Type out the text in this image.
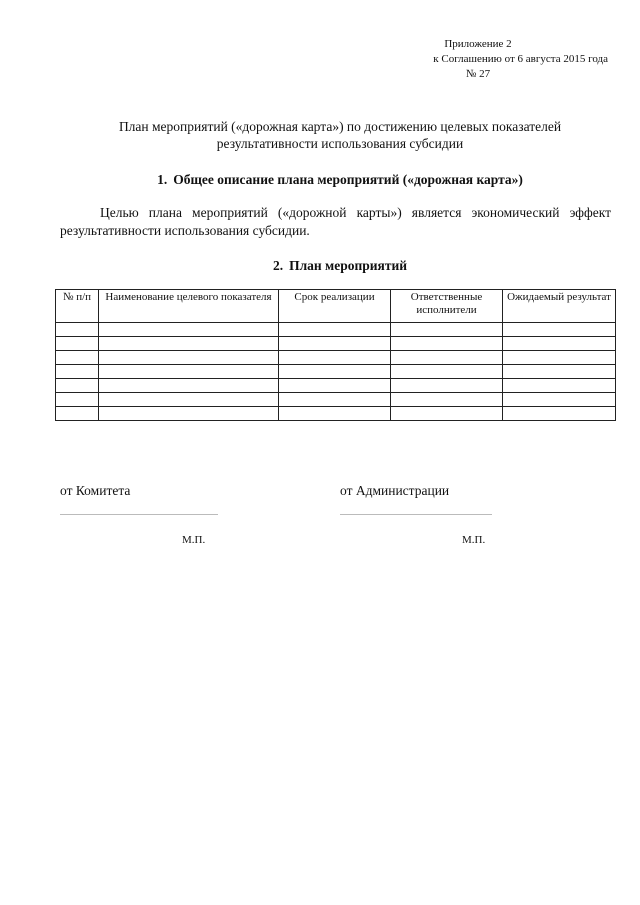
Приложение 2
к Соглашению от 6 августа 2015 года
№ 27
План мероприятий («дорожная карта») по достижению целевых показателей
результативности использования субсидии
1. Общее описание плана мероприятий («дорожная карта»)
Целью плана мероприятий («дорожной карты») является экономический эффект результативности использования субсидии.
2. План мероприятий
№ п/п	Наименование целевого показателя	Срок реализации	Ответственные исполнители	Ожидаемый результат

от Комитета	от Администрации
М.П.	М.П.
